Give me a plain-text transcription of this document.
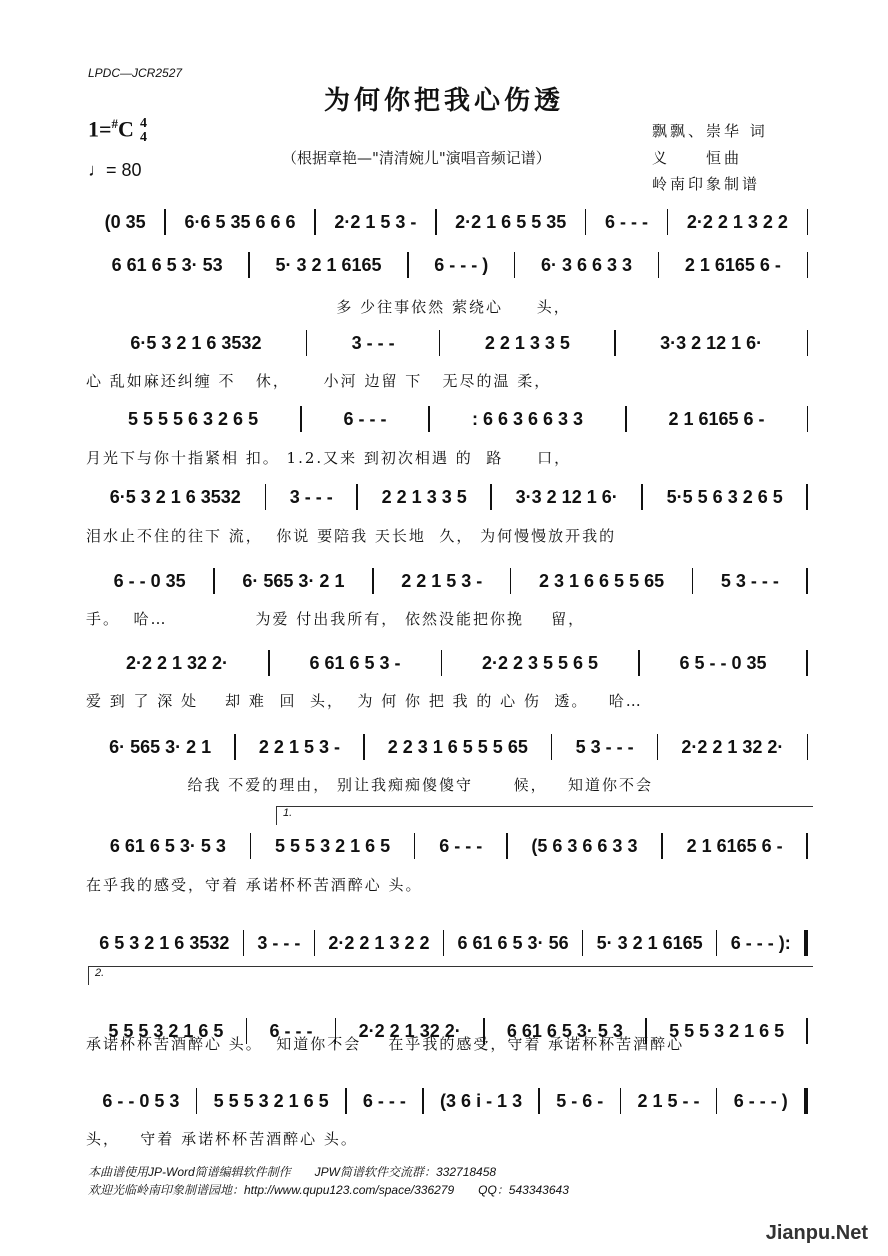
LPDC—JCR2527
为何你把我心伤透
1=#C 4
4
♩= 80
（根据章艳—"清清婉儿"演唱音频记谱）
飘飘、崇华 词
义　　恒曲
岭南印象制谱
(0 35	6·6 5 35 6 6 6	2·2 1 5 3 -	2·2 1 6 5 5 35	6 - - -	2·2 2 1 3 2 2
6 61 6 5 3· 53	5· 3 2 1 6165	6 - - - )	6· 3 6 6 3 3	2 1 6165 6 -
多 少往事依然 萦绕心     头，
6·5 3 2 1 6 3532	3 - - -	2 2 1 3 3 5	3·3 2 12 1 6·
心 乱如麻还纠缠 不   休，     小河 边留 下   无尽的温 柔，
5 5 5 5 6 3 2 6 5	6 - - -	: 6 6 3 6 6 3 3	2 1 6165 6 -
月光下与你十指紧相 扣。 1.2.又来 到初次相遇 的  路     口，
6·5 3 2 1 6 3532	3 - - -	2 2 1 3 3 5	3·3 2 12 1 6·	5·5 5 6 3 2 6 5
泪水止不住的往下 流，  你说 要陪我 天长地  久， 为何慢慢放开我的
6 - - 0 35	6· 565 3· 2 1	2 2 1 5 3 -	2 3 1 6 6 5 5 65	5 3 - - -
手。  哈…             为爱 付出我所有， 依然没能把你挽    留，
2·2 2 1 32 2·	6 61 6 5 3 -	2·2 2 3 5 5 6 5	6 5 - - 0 35
爱 到 了 深 处    却 难  回  头，  为 何 你 把 我 的 心 伤  透。   哈…
6· 565 3· 2 1	2 2 1 5 3 -	2 2 3 1 6 5 5 5 65	5 3 - - -	2·2 2 1 32 2·
给我 不爱的理由， 别让我痴痴傻傻守      候，   知道你不会
6 61 6 5 3· 5 3	5 5 5 3 2 1 6 5	6 - - -	(5 6 3 6 6 3 3	2 1 6165 6 -
在乎我的感受，守着 承诺杯杯苦酒醉心 头。
6 5 3 2 1 6 3532	3 - - -	2·2 2 1 3 2 2	6 61 6 5 3· 56	5· 3 2 1 6165	6 - - - ):
5 5 5 3 2 1 6 5	6 - - -	2·2 2 1 32 2·	6 61 6 5 3· 5 3	5 5 5 3 2 1 6 5
承诺杯杯苦酒醉心 头。  知道你不会    在乎我的感受，守着 承诺杯杯苦酒醉心
6 - - 0 5 3	5 5 5 3 2 1 6 5	6 - - -	(3 6 i - 1 3	5 - 6 -	2 1 5 - -	6 - - - )
头，   守着 承诺杯杯苦酒醉心 头。
1.
2.
本曲谱使用JP-Word简谱编辑软件制作　　JPW简谱软件交流群：332718458
欢迎光临岭南印象制谱园地：http://www.qupu123.com/space/336279　　QQ：543343643
Jianpu.Net
